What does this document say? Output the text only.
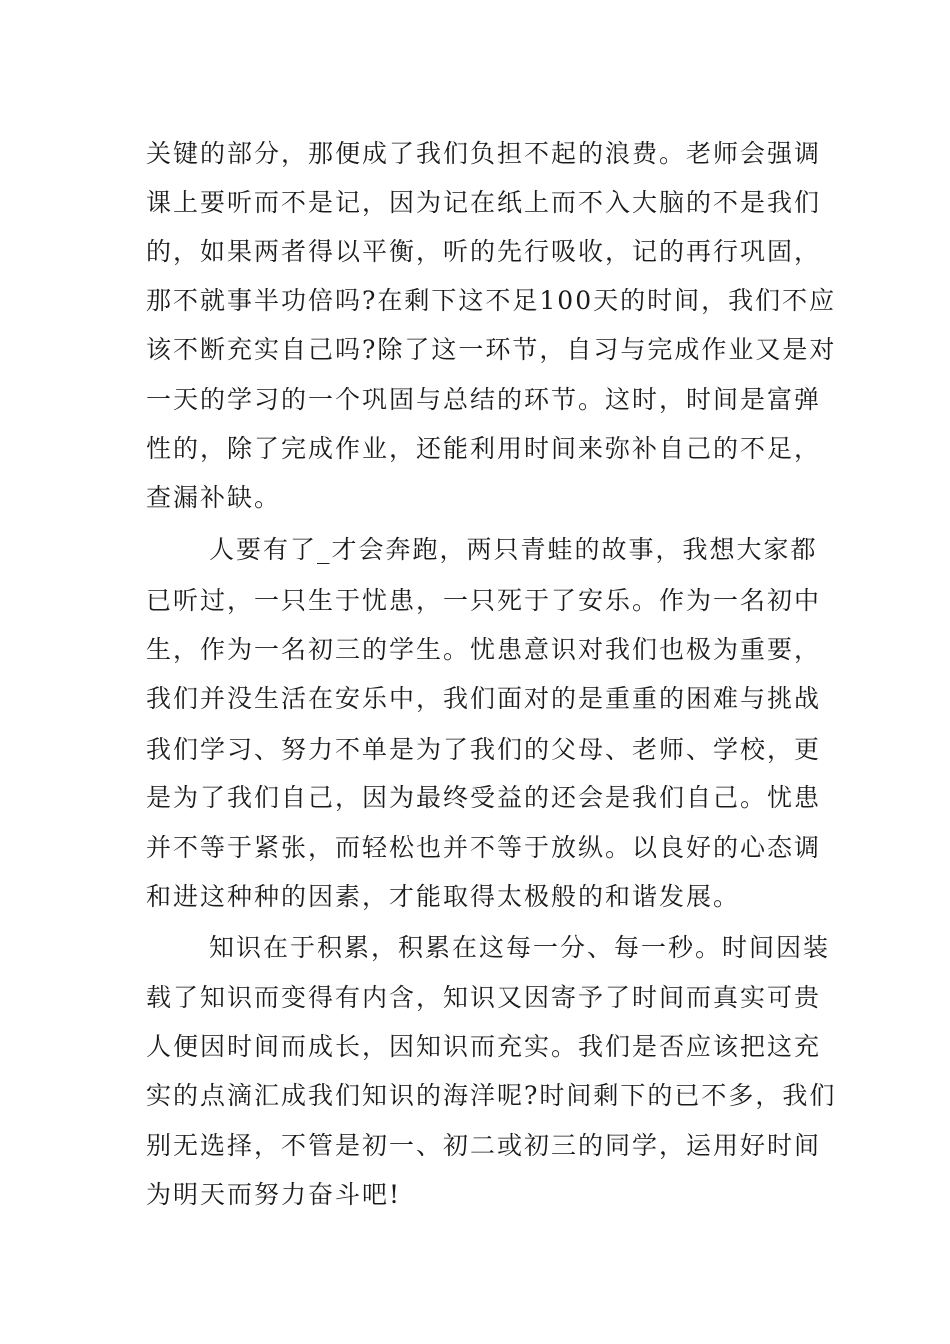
关键的部分，那便成了我们负担不起的浪费。老师会强调
课上要听而不是记，因为记在纸上而不入大脑的不是我们
的，如果两者得以平衡，听的先行吸收，记的再行巩固，
那不就事半功倍吗?在剩下这不足100天的时间，我们不应
该不断充实自己吗?除了这一环节，自习与完成作业又是对
一天的学习的一个巩固与总结的环节。这时，时间是富弹
性的，除了完成作业，还能利用时间来弥补自己的不足，
查漏补缺。
人要有了_才会奔跑，两只青蛙的故事，我想大家都
已听过，一只生于忧患，一只死于了安乐。作为一名初中
生，作为一名初三的学生。忧患意识对我们也极为重要，
我们并没生活在安乐中，我们面对的是重重的困难与挑战
我们学习、努力不单是为了我们的父母、老师、学校，更
是为了我们自己，因为最终受益的还会是我们自己。忧患
并不等于紧张，而轻松也并不等于放纵。以良好的心态调
和进这种种的因素，才能取得太极般的和谐发展。
知识在于积累，积累在这每一分、每一秒。时间因装
载了知识而变得有内含，知识又因寄予了时间而真实可贵
人便因时间而成长，因知识而充实。我们是否应该把这充
实的点滴汇成我们知识的海洋呢?时间剩下的已不多，我们
别无选择，不管是初一、初二或初三的同学，运用好时间
为明天而努力奋斗吧!
